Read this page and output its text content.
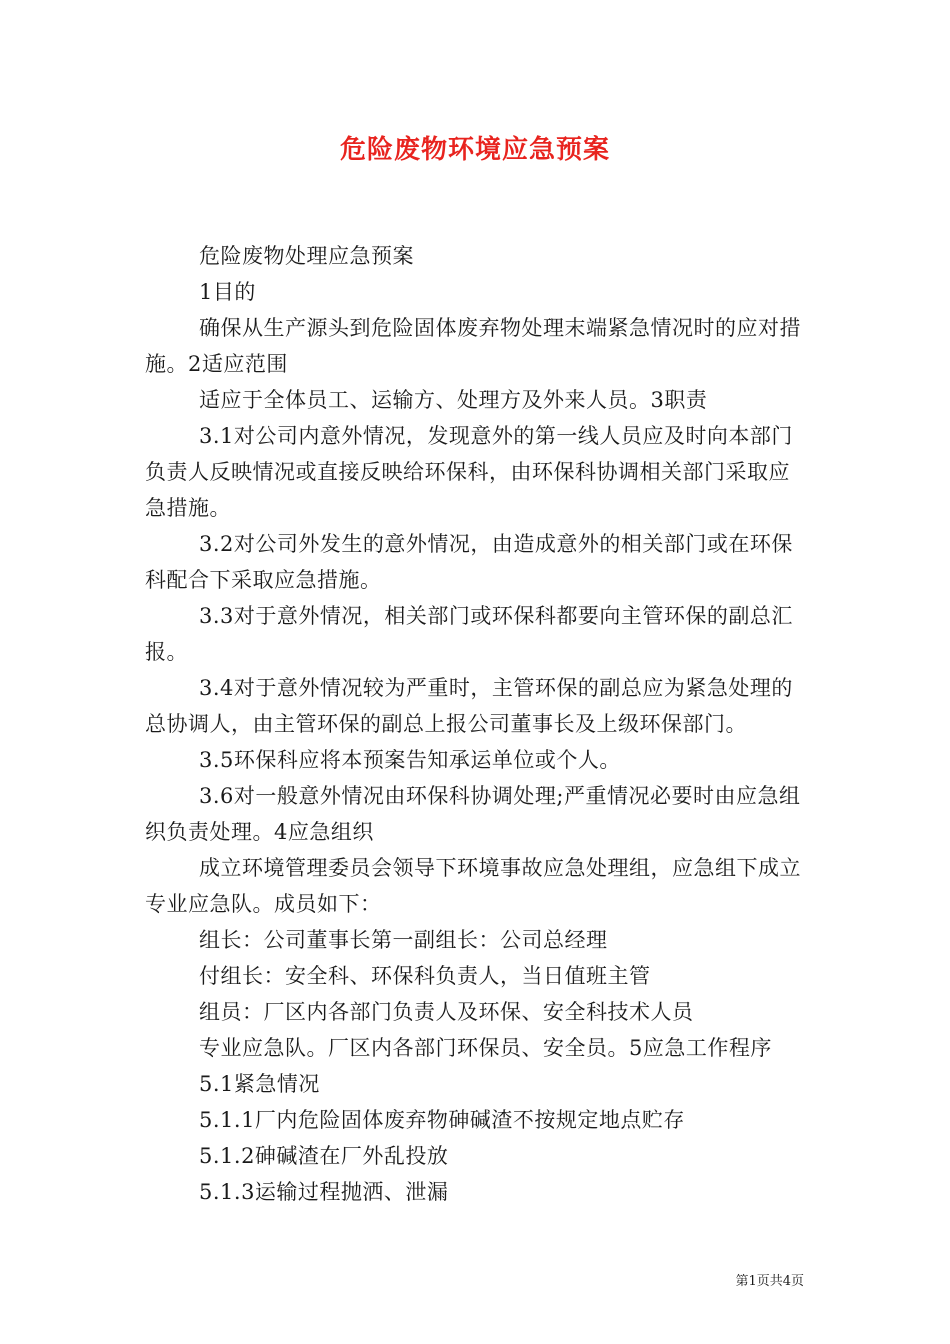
危险废物环境应急预案

危险废物处理应急预案

1目的

确保从生产源头到危险固体废弃物处理末端紧急情况时的应对措施。2适应范围

适应于全体员工、运输方、处理方及外来人员。3职责

3.1对公司内意外情况，发现意外的第一线人员应及时向本部门负责人反映情况或直接反映给环保科，由环保科协调相关部门采取应急措施。

3.2对公司外发生的意外情况，由造成意外的相关部门或在环保科配合下采取应急措施。

3.3对于意外情况，相关部门或环保科都要向主管环保的副总汇报。

3.4对于意外情况较为严重时，主管环保的副总应为紧急处理的总协调人，由主管环保的副总上报公司董事长及上级环保部门。

3.5环保科应将本预案告知承运单位或个人。

3.6对一般意外情况由环保科协调处理;严重情况必要时由应急组织负责处理。4应急组织

成立环境管理委员会领导下环境事故应急处理组，应急组下成立专业应急队。成员如下：

组长：公司董事长第一副组长：公司总经理

付组长：安全科、环保科负责人，当日值班主管

组员：厂区内各部门负责人及环保、安全科技术人员

专业应急队。厂区内各部门环保员、安全员。5应急工作程序

5.1紧急情况

5.1.1厂内危险固体废弃物砷碱渣不按规定地点贮存

5.1.2砷碱渣在厂外乱投放

5.1.3运输过程抛洒、泄漏

第1页共4页
